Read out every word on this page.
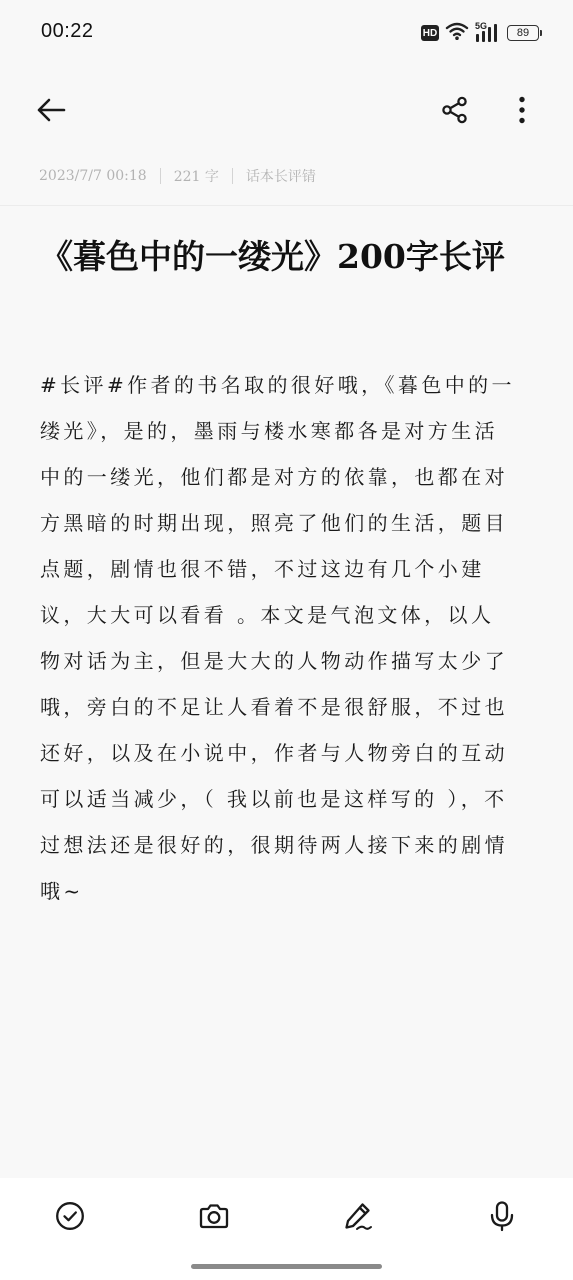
00:22	HD
5G
89
2023/7/7 00:18 221 字 话本长评锖
《暮色中的一缕光》200字长评

#长评#作者的书名取的很好哦，《暮色中的一缕光》，是的，墨雨与楼水寒都各是对方生活中的一缕光，他们都是对方的依靠，也都在对方黑暗的时期出现，照亮了他们的生活，题目点题，剧情也很不错，不过这边有几个小建议，大大可以看看 。本文是气泡文体，以人物对话为主，但是大大的人物动作描写太少了哦，旁白的不足让人看着不是很舒服，不过也还好，以及在小说中，作者与人物旁白的互动可以适当减少，（ 我以前也是这样写的 ），不过想法还是很好的，很期待两人接下来的剧情哦~
